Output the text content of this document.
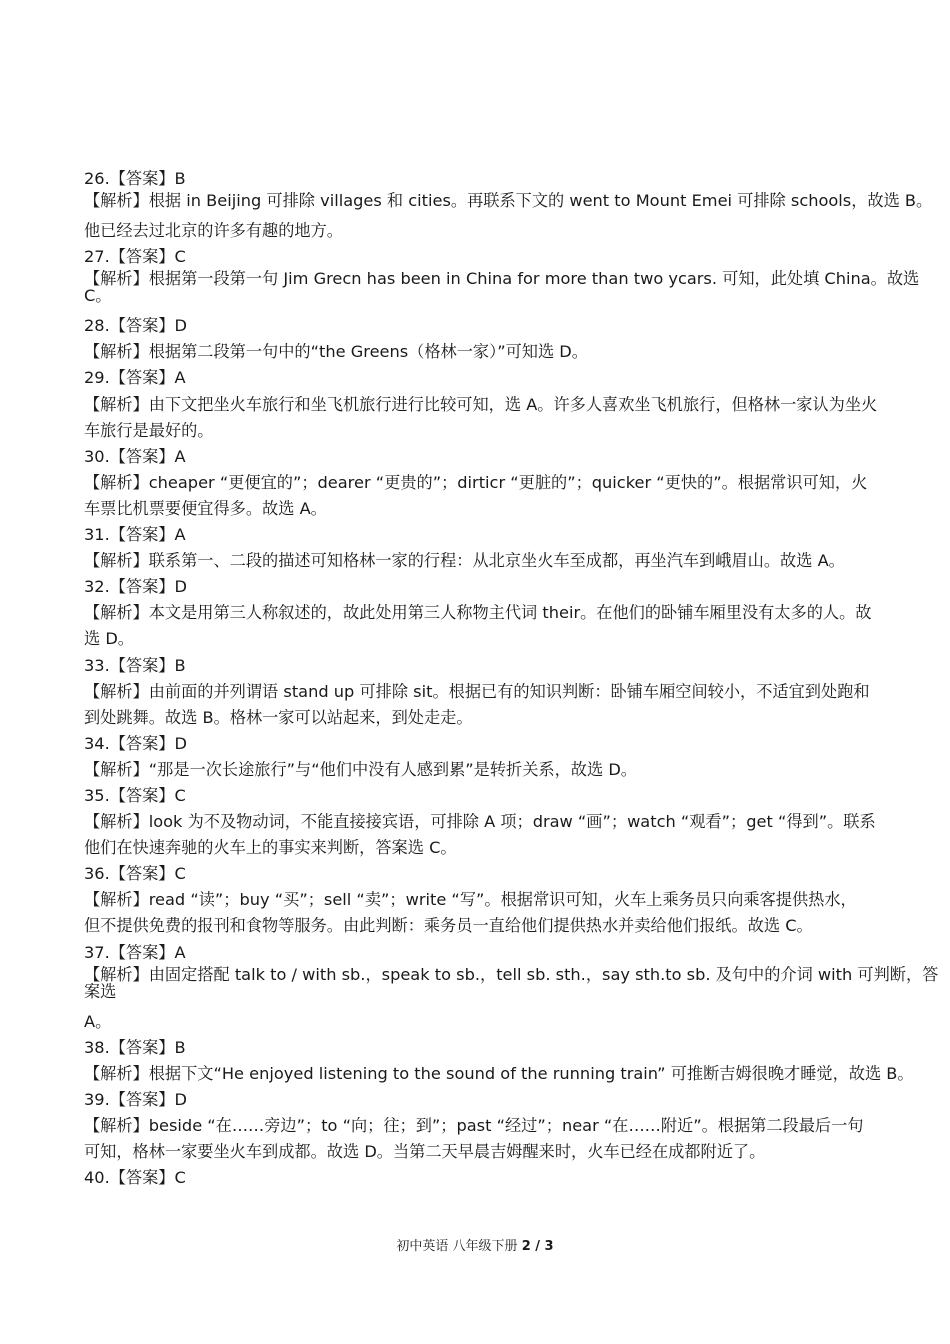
26.【答案】B
【解析】根据 in Beijing 可排除 villages 和 cities。再联系下文的 went to Mount Emei 可排除 schools，故选 B。
他已经去过北京的许多有趣的地方。
27.【答案】C
【解析】根据第一段第一句 Jim Grecn has been in China for more than two ycars. 可知，此处填 China。故选 C。
28.【答案】D
【解析】根据第二段第一句中的“the Greens（格林一家）”可知选 D。
29.【答案】A
【解析】由下文把坐火车旅行和坐飞机旅行进行比较可知，选 A。许多人喜欢坐飞机旅行，但格林一家认为坐火
车旅行是最好的。
30.【答案】A
【解析】cheaper “更便宜的”；dearer “更贵的”；dirticr “更脏的”；quicker “更快的”。根据常识可知，火
车票比机票要便宜得多。故选 A。
31.【答案】A
【解析】联系第一、二段的描述可知格林一家的行程：从北京坐火车至成都，再坐汽车到峨眉山。故选 A。
32.【答案】D
【解析】本文是用第三人称叙述的，故此处用第三人称物主代词 their。在他们的卧铺车厢里没有太多的人。故
选 D。
33.【答案】B
【解析】由前面的并列谓语 stand up 可排除 sit。根据已有的知识判断：卧铺车厢空间较小，不适宜到处跑和
到处跳舞。故选 B。格林一家可以站起来，到处走走。
34.【答案】D
【解析】“那是一次长途旅行”与“他们中没有人感到累”是转折关系，故选 D。
35.【答案】C
【解析】look 为不及物动词，不能直接接宾语，可排除 A 项；draw “画”；watch “观看”；get “得到”。联系
他们在快速奔驰的火车上的事实来判断，答案选 C。
36.【答案】C
【解析】read “读”；buy “买”；sell “卖”；write “写”。根据常识可知，火车上乘务员只向乘客提供热水，
但不提供免费的报刊和食物等服务。由此判断：乘务员一直给他们提供热水并卖给他们报纸。故选 C。
37.【答案】A
【解析】由固定搭配 talk to / with sb.，speak to sb.，tell sb. sth.，say sth.to sb. 及句中的介词 with 可判断，答案选
A。
38.【答案】B
【解析】根据下文“He enjoyed listening to the sound of the running train” 可推断吉姆很晚才睡觉，故选 B。
39.【答案】D
【解析】beside “在……旁边”；to “向；往；到”；past “经过”；near “在……附近”。根据第二段最后一句
可知，格林一家要坐火车到成都。故选 D。当第二天早晨吉姆醒来时，火车已经在成都附近了。
40.【答案】C
初中英语 八年级下册 2 / 3
